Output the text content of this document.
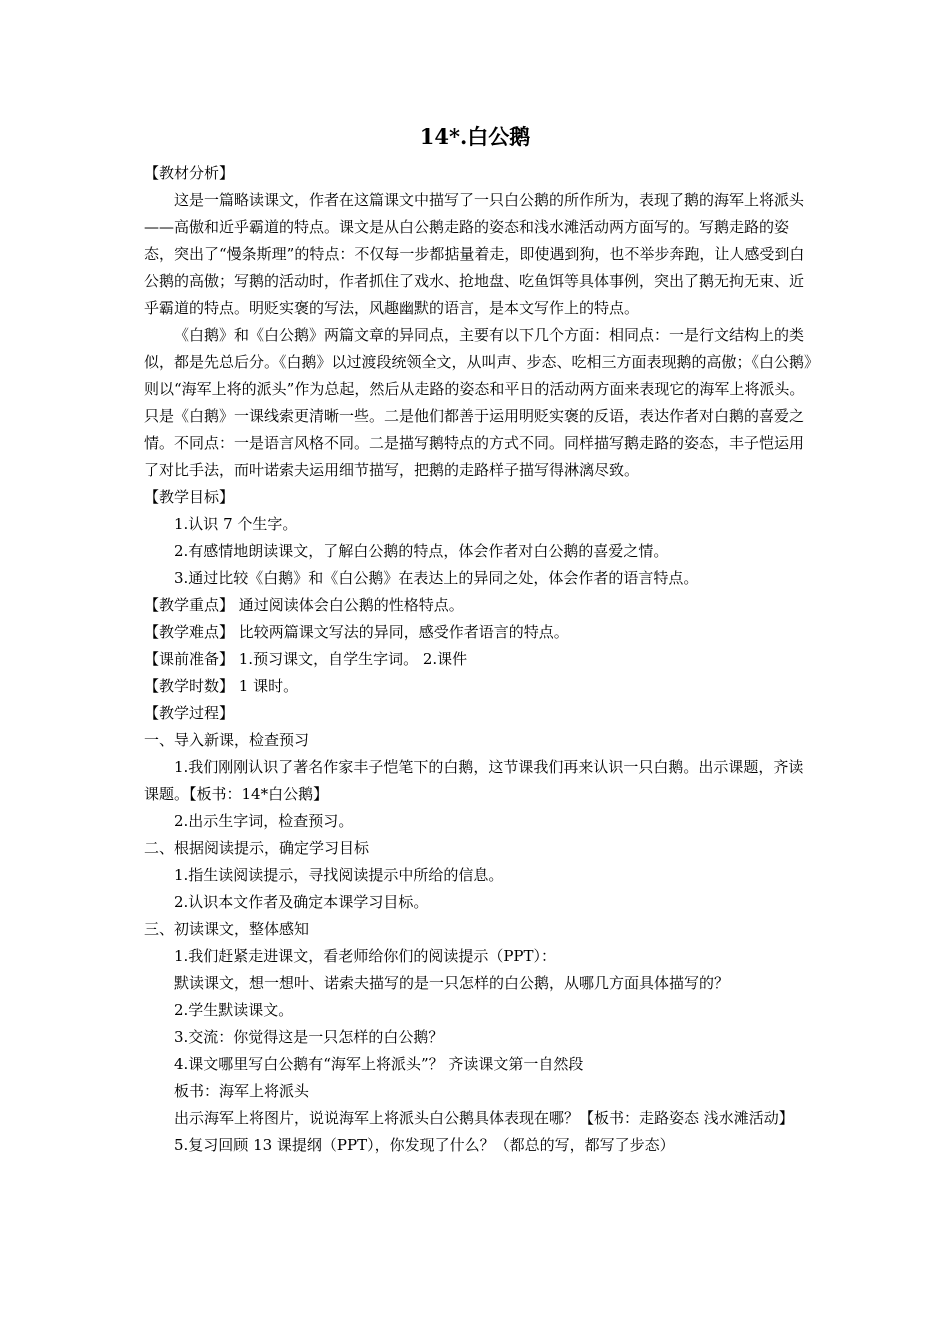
14*.白公鹅

【教材分析】

这是一篇略读课文，作者在这篇课文中描写了一只白公鹅的所作所为，表现了鹅的海军上将派头——高傲和近乎霸道的特点。课文是从白公鹅走路的姿态和浅水滩活动两方面写的。写鹅走路的姿态，突出了“慢条斯理”的特点：不仅每一步都掂量着走，即使遇到狗，也不举步奔跑，让人感受到白公鹅的高傲；写鹅的活动时，作者抓住了戏水、抢地盘、吃鱼饵等具体事例，突出了鹅无拘无束、近乎霸道的特点。明贬实褒的写法，风趣幽默的语言，是本文写作上的特点。

《白鹅》和《白公鹅》两篇文章的异同点，主要有以下几个方面：相同点：一是行文结构上的类似，都是先总后分。《白鹅》以过渡段统领全文，从叫声、步态、吃相三方面表现鹅的高傲；《白公鹅》则以“海军上将的派头”作为总起，然后从走路的姿态和平日的活动两方面来表现它的海军上将派头。只是《白鹅》一课线索更清晰一些。二是他们都善于运用明贬实褒的反语，表达作者对白鹅的喜爱之情。不同点：一是语言风格不同。二是描写鹅特点的方式不同。同样描写鹅走路的姿态，丰子恺运用了对比手法，而叶诺索夫运用细节描写，把鹅的走路样子描写得淋漓尽致。

【教学目标】

1.认识 7 个生字。

2.有感情地朗读课文，了解白公鹅的特点，体会作者对白公鹅的喜爱之情。

3.通过比较《白鹅》和《白公鹅》在表达上的异同之处，体会作者的语言特点。

【教学重点】 通过阅读体会白公鹅的性格特点。

【教学难点】 比较两篇课文写法的异同，感受作者语言的特点。

【课前准备】 1.预习课文，自学生字词。 2.课件

【教学时数】 1 课时。

【教学过程】

一、导入新课，检查预习

1.我们刚刚认识了著名作家丰子恺笔下的白鹅，这节课我们再来认识一只白鹅。出示课题，齐读课题。【板书：14*白公鹅】

2.出示生字词，检查预习。

二、根据阅读提示，确定学习目标

1.指生读阅读提示，寻找阅读提示中所给的信息。

2.认识本文作者及确定本课学习目标。

三、初读课文，整体感知

1.我们赶紧走进课文，看老师给你们的阅读提示（PPT）：

默读课文，想一想叶、诺索夫描写的是一只怎样的白公鹅，从哪几方面具体描写的？

2.学生默读课文。

3.交流：你觉得这是一只怎样的白公鹅？

4.课文哪里写白公鹅有“海军上将派头”？ 齐读课文第一自然段

板书：海军上将派头

出示海军上将图片，说说海军上将派头白公鹅具体表现在哪？【板书：走路姿态 浅水滩活动】

5.复习回顾 13 课提纲（PPT），你发现了什么？（都总的写，都写了步态）
